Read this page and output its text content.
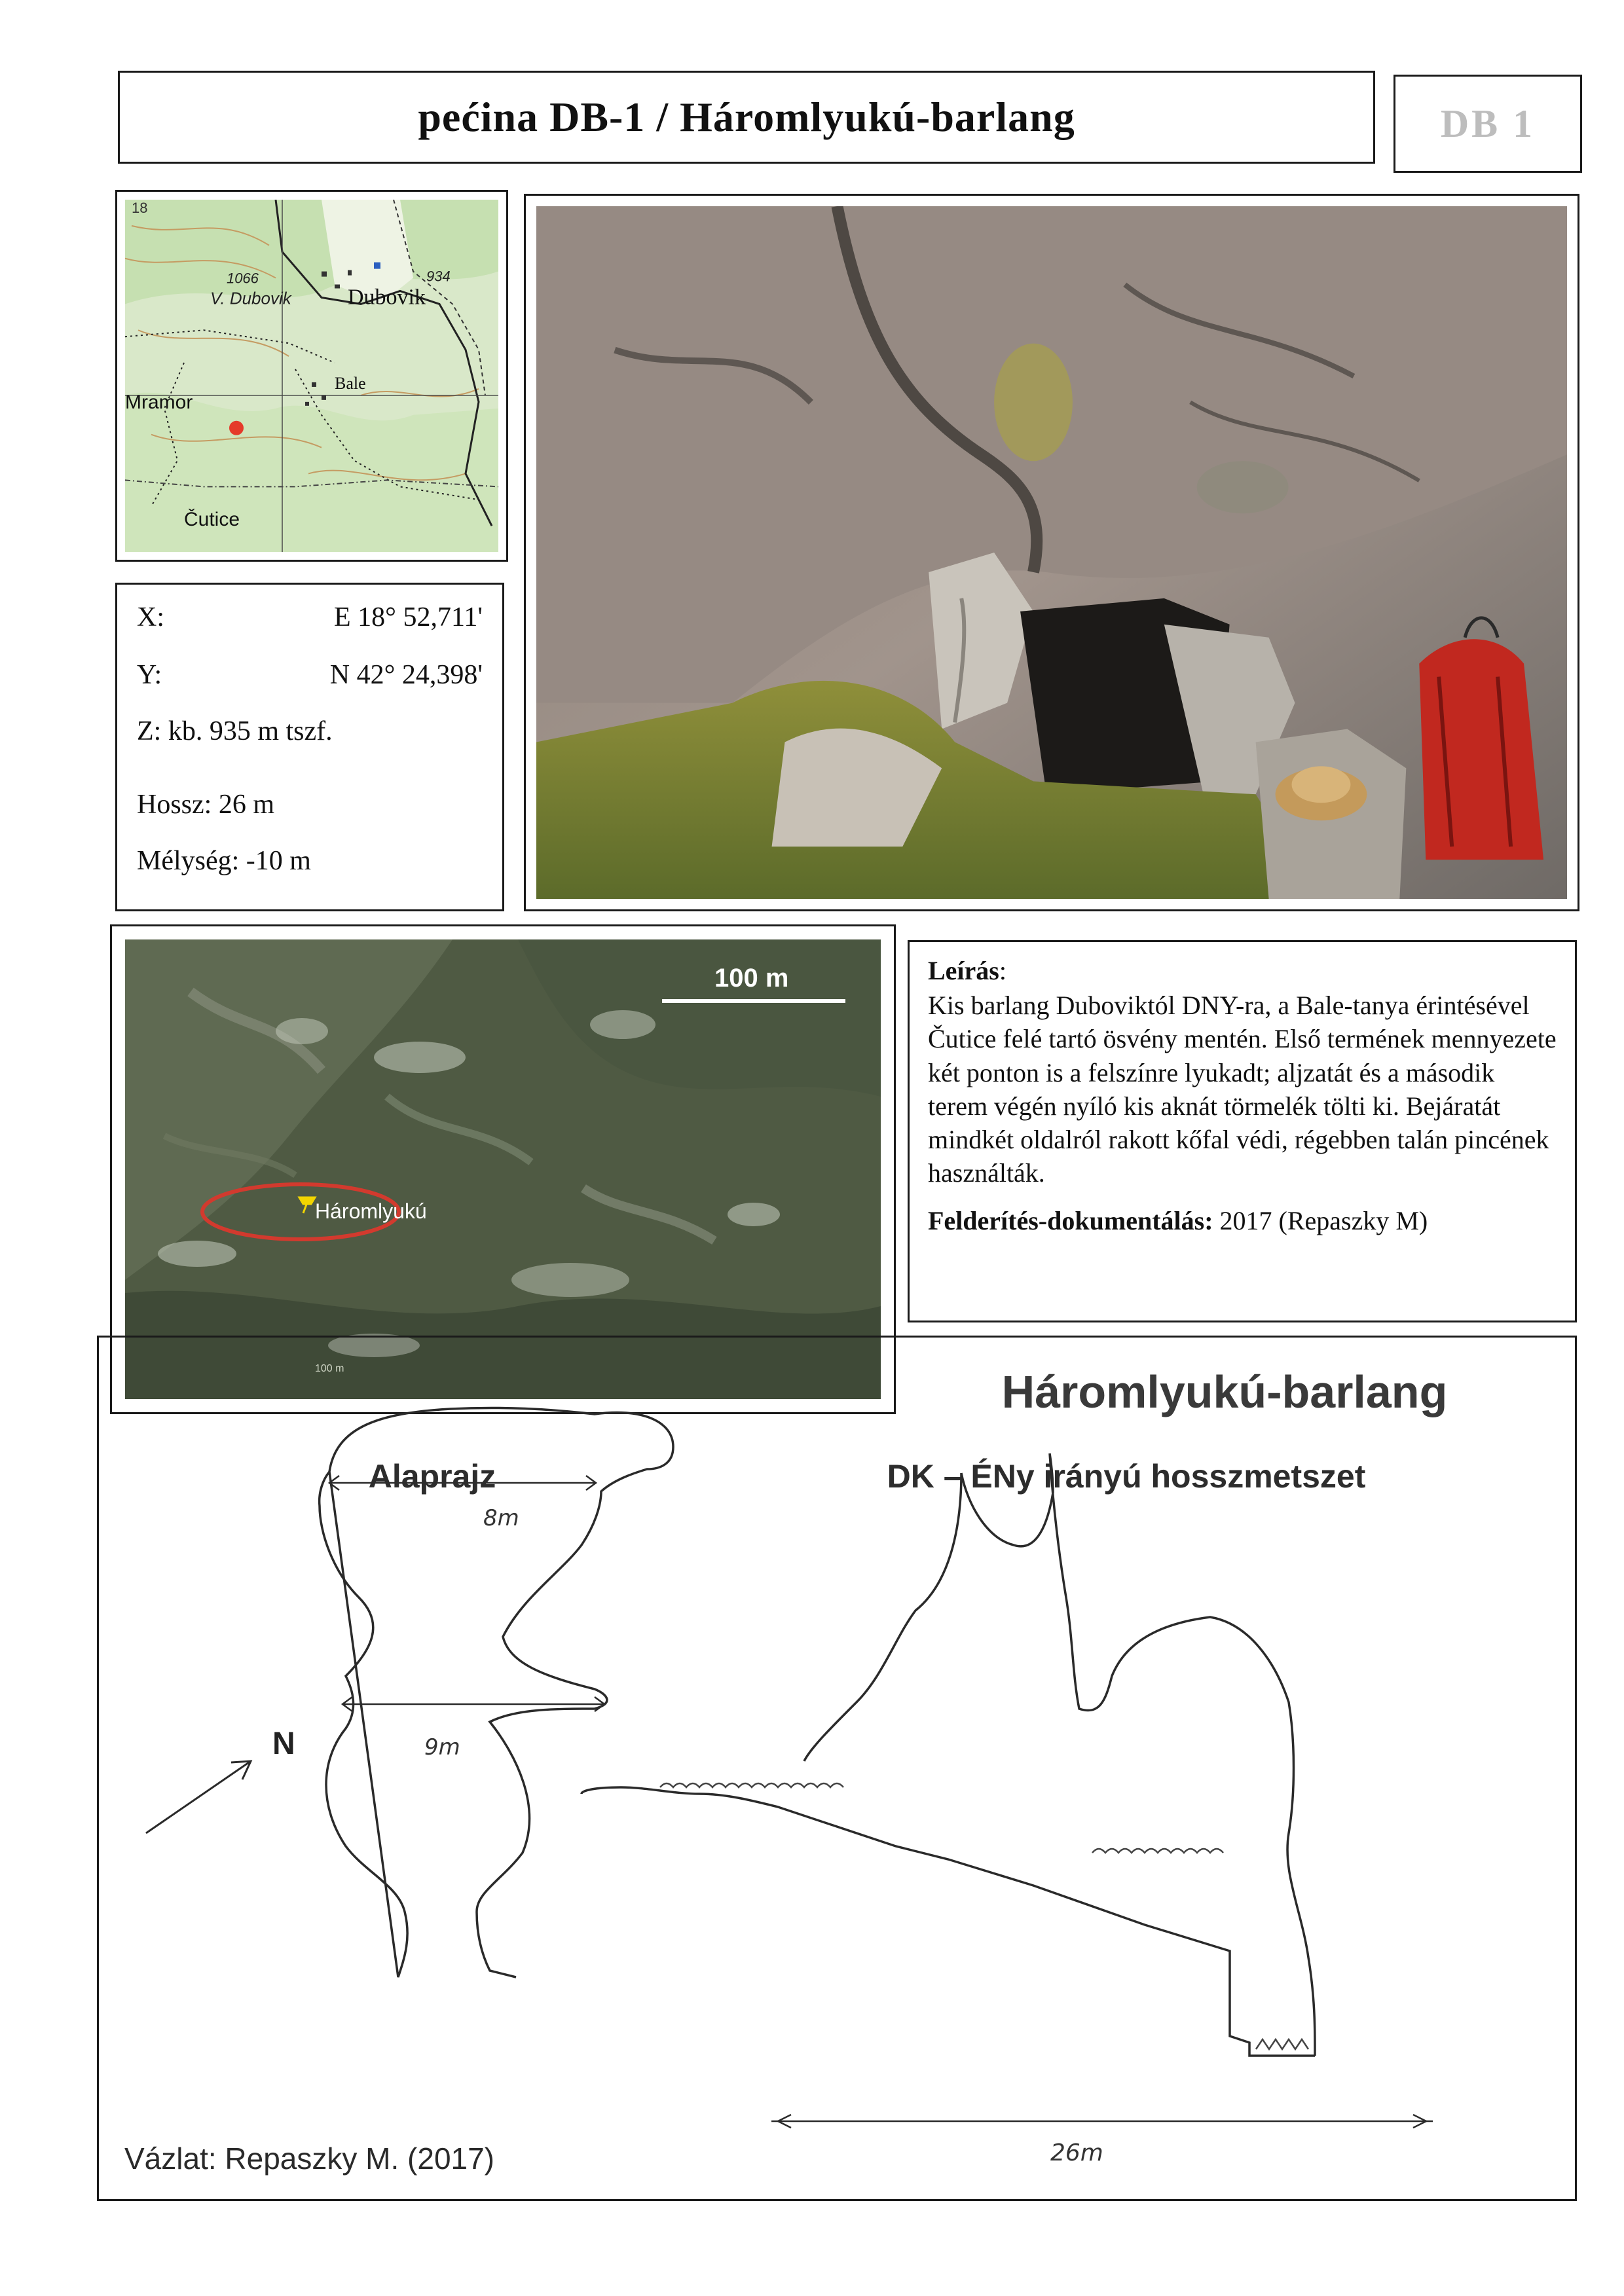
pećina DB-1 / Háromlyukú-barlang	DB 1
18
1066
V. Dubovik	Dubovik
934
Mramor
Bale
Čutice
X:	E 18° 52,711'
Y:	N 42° 24,398'
Z: kb. 935 m tszf.
Hossz: 26 m
Mélység: -10 m
100 m
Háromlyukú
100 m
Leírás:
Kis barlang Duboviktól DNY-ra, a Bale-tanya érintésével Čutice felé tartó ösvény mentén. Első termének mennyezete két ponton is a felszínre lyukadt; aljzatát és a második terem végén nyíló kis aknát törmelék tölti ki. Bejáratát mindkét oldalról rakott kőfal védi, régebben talán pincének használták.
Felderítés-dokumentálás: 2017 (Repaszky M)
8m
9m
26m
Háromlyukú-barlang
Alaprajz	DK – ÉNy irányú hosszmetszet
N
Vázlat: Repaszky M. (2017)
